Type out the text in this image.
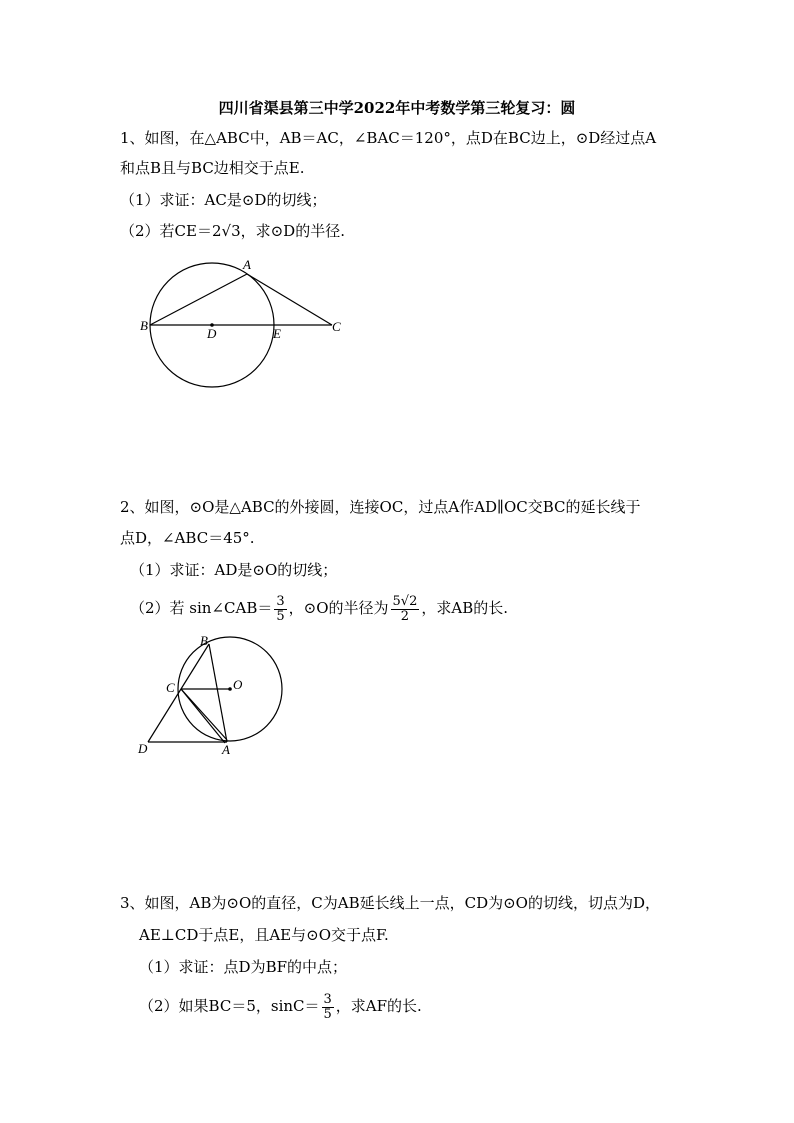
四川省渠县第三中学2022年中考数学第三轮复习：圆
1、如图，在△ABC中，AB＝AC，∠BAC＝120°，点D在BC边上，⊙D经过点A
和点B且与BC边相交于点E.
（1）求证：AC是⊙D的切线；
（2）若CE＝2√3，求⊙D的半径.
A
B	C
D	E
2、如图，⊙O是△ABC的外接圆，连接OC，过点A作AD∥OC交BC的延长线于
点D，∠ABC＝45°.
（1）求证：AD是⊙O的切线；
（2）若 sin∠CAB＝ $\frac{3}{5}$ ，⊙O的半径为 $\frac{5√2}{2}$ ，求AB的长.
B
C	O
D	A
3、如图，AB为⊙O的直径，C为AB延长线上一点，CD为⊙O的切线，切点为D，
AE⊥CD于点E，且AE与⊙O交于点F.
（1）求证：点D为BF的中点；
（2）如果BC＝5，$\sin C= \frac{3}{5}$ ，求AF的长.
